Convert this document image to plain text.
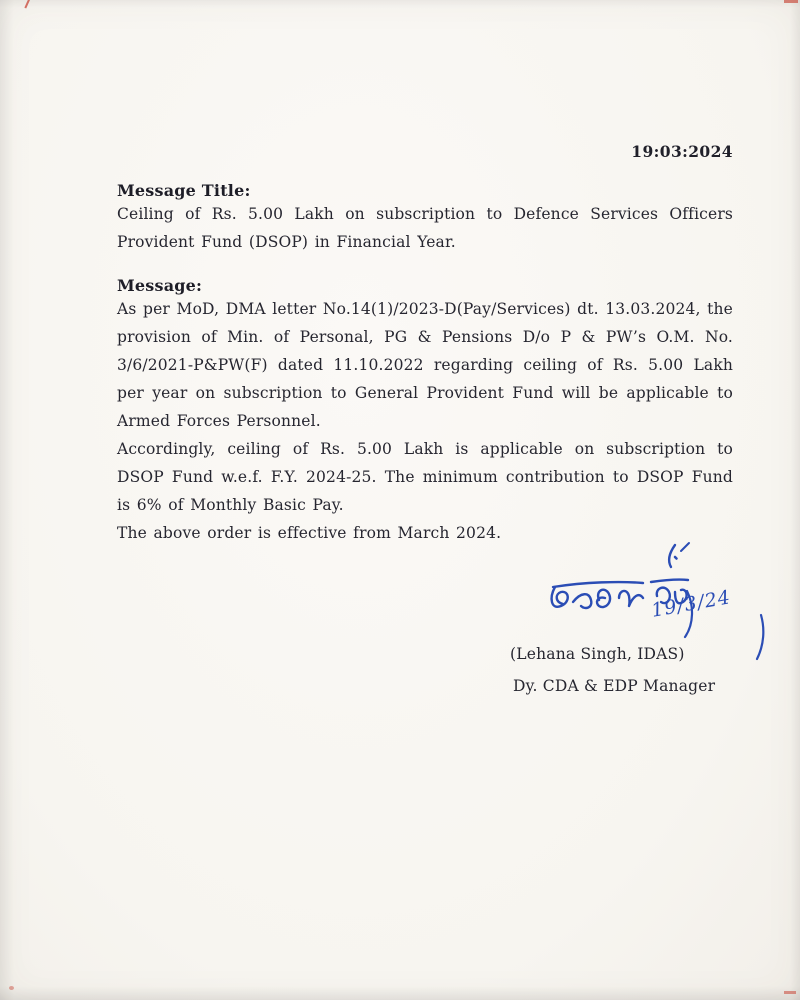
19:03:2024
Message Title:

Ceiling of Rs. 5.00 Lakh on subscription to Defence Services Officers Provident Fund (DSOP) in Financial Year.

Message:

As per MoD, DMA letter No.14(1)/2023-D(Pay/Services) dt. 13.03.2024, the provision of Min. of Personal, PG & Pensions D/o P & PW’s O.M. No. 3/6/2021-P&PW(F) dated 11.10.2022 regarding ceiling of Rs. 5.00 Lakh per year on subscription to General Provident Fund will be applicable to Armed Forces Personnel.

Accordingly, ceiling of Rs. 5.00 Lakh is applicable on subscription to DSOP Fund w.e.f. F.Y. 2024-25. The minimum contribution to DSOP Fund is 6% of Monthly Basic Pay.

The above order is effective from March 2024.

19/3/24
(Lehana Singh, IDAS)
Dy. CDA & EDP Manager
